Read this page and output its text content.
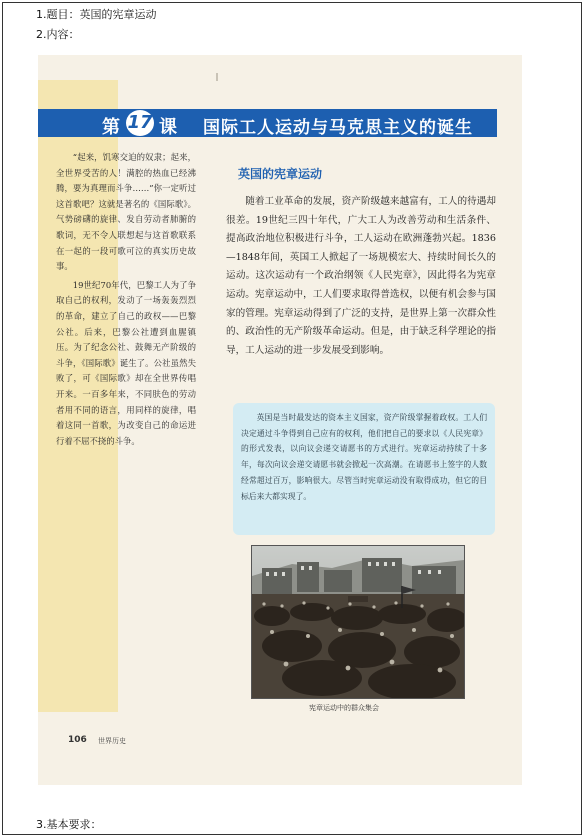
1.题目：英国的宪章运动
2.内容：
3.基本要求：
第 17 课 国际工人运动与马克思主义的诞生

“起来，饥寒交迫的奴隶；起来，全世界受苦的人！满腔的热血已经沸腾，要为真理而斗争……”你一定听过这首歌吧？这就是著名的《国际歌》。气势磅礴的旋律、发自劳动者肺腑的歌词，无不令人联想起与这首歌联系在一起的一段可歌可泣的真实历史故事。

19世纪70年代，巴黎工人为了争取自己的权利，发动了一场轰轰烈烈的革命，建立了自己的政权——巴黎公社。后来，巴黎公社遭到血腥镇压。为了纪念公社、鼓舞无产阶级的斗争，《国际歌》诞生了。公社虽然失败了，可《国际歌》却在全世界传唱开来。一百多年来，不同肤色的劳动者用不同的语言，用同样的旋律，唱着这同一首歌，为改变自己的命运进行着不屈不挠的斗争。

英国的宪章运动

随着工业革命的发展，资产阶级越来越富有，工人的待遇却很差。19世纪三四十年代，广大工人为改善劳动和生活条件、提高政治地位积极进行斗争，工人运动在欧洲蓬勃兴起。1836—1848年间，英国工人掀起了一场规模宏大、持续时间长久的运动。这次运动有一个政治纲领《人民宪章》，因此得名为宪章运动。宪章运动中，工人们要求取得普选权，以便有机会参与国家的管理。宪章运动得到了广泛的支持，是世界上第一次群众性的、政治性的无产阶级革命运动。但是，由于缺乏科学理论的指导，工人运动的进一步发展受到影响。

英国是当时最发达的资本主义国家，资产阶级掌握着政权。工人们决定通过斗争得到自己应有的权利，他们把自己的要求以《人民宪章》的形式发表，以向议会递交请愿书的方式进行。宪章运动持续了十多年，每次向议会递交请愿书就会掀起一次高潮。在请愿书上签字的人数经常超过百万，影响很大。尽管当时宪章运动没有取得成功，但它的目标后来大都实现了。

宪章运动中的群众集会
106 世界历史
